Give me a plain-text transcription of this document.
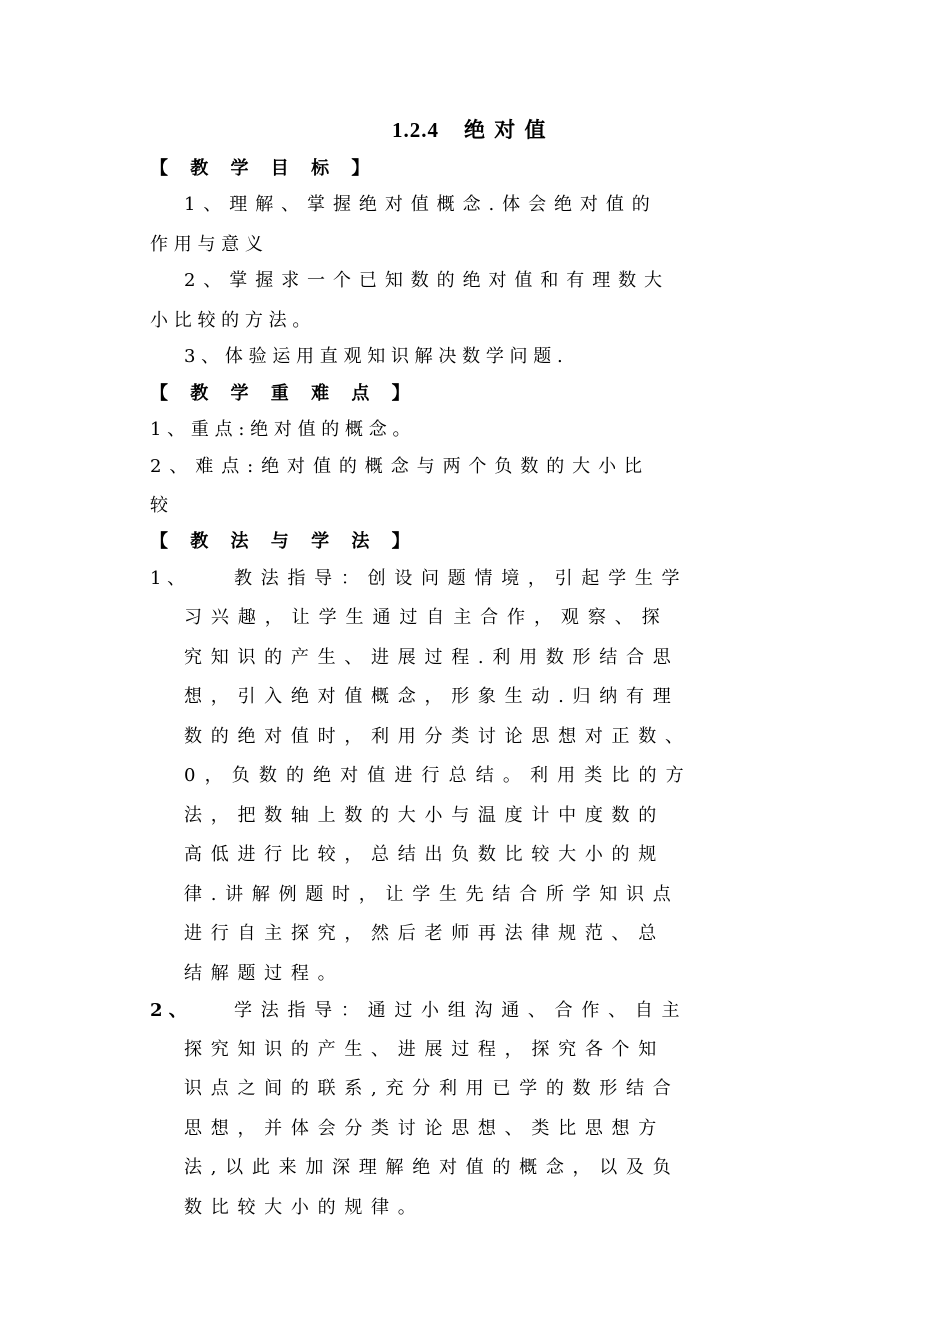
1.2.4 绝 对 值
【 教 学 目 标 】
1 、 理 解 、 掌 握 绝 对 值 概 念 . 体 会 绝 对 值 的
作 用 与 意 义
2 、 掌 握 求 一 个 已 知 数 的 绝 对 值 和 有 理 数 大
小 比 较 的 方 法 。
3 、 体 验 运 用 直 观 知 识 解 决 数 学 问 题 .
【 教 学 重 难 点 】
1 、 重 点 : 绝 对 值 的 概 念 。
2 、 难 点 : 绝 对 值 的 概 念 与 两 个 负 数 的 大 小 比
较
【 教 法 与 学 法 】
1 、	教 法 指 导 ： 创 设 问 题 情 境 ， 引 起 学 生 学
习 兴 趣 ， 让 学 生 通 过 自 主 合 作 ， 观 察 、 探
究 知 识 的 产 生 、 进 展 过 程 . 利 用 数 形 结 合 思
想 ， 引 入 绝 对 值 概 念 ， 形 象 生 动 . 归 纳 有 理
数 的 绝 对 值 时 ， 利 用 分 类 讨 论 思 想 对 正 数 、
0 ， 负 数 的 绝 对 值 进 行 总 结 。 利 用 类 比 的 方
法 ， 把 数 轴 上 数 的 大 小 与 温 度 计 中 度 数 的
高 低 进 行 比 较 ， 总 结 出 负 数 比 较 大 小 的 规
律 . 讲 解 例 题 时 ， 让 学 生 先 结 合 所 学 知 识 点
进 行 自 主 探 究 ， 然 后 老 师 再 法 律 规 范 、 总
结 解 题 过 程 。
2 、	学 法 指 导 ： 通 过 小 组 沟 通 、 合 作 、 自 主
探 究 知 识 的 产 生 、 进 展 过 程 ， 探 究 各 个 知
识 点 之 间 的 联 系 , 充 分 利 用 已 学 的 数 形 结 合
思 想 ， 并 体 会 分 类 讨 论 思 想 、 类 比 思 想 方
法 , 以 此 来 加 深 理 解 绝 对 值 的 概 念 ， 以 及 负
数 比 较 大 小 的 规 律 。
